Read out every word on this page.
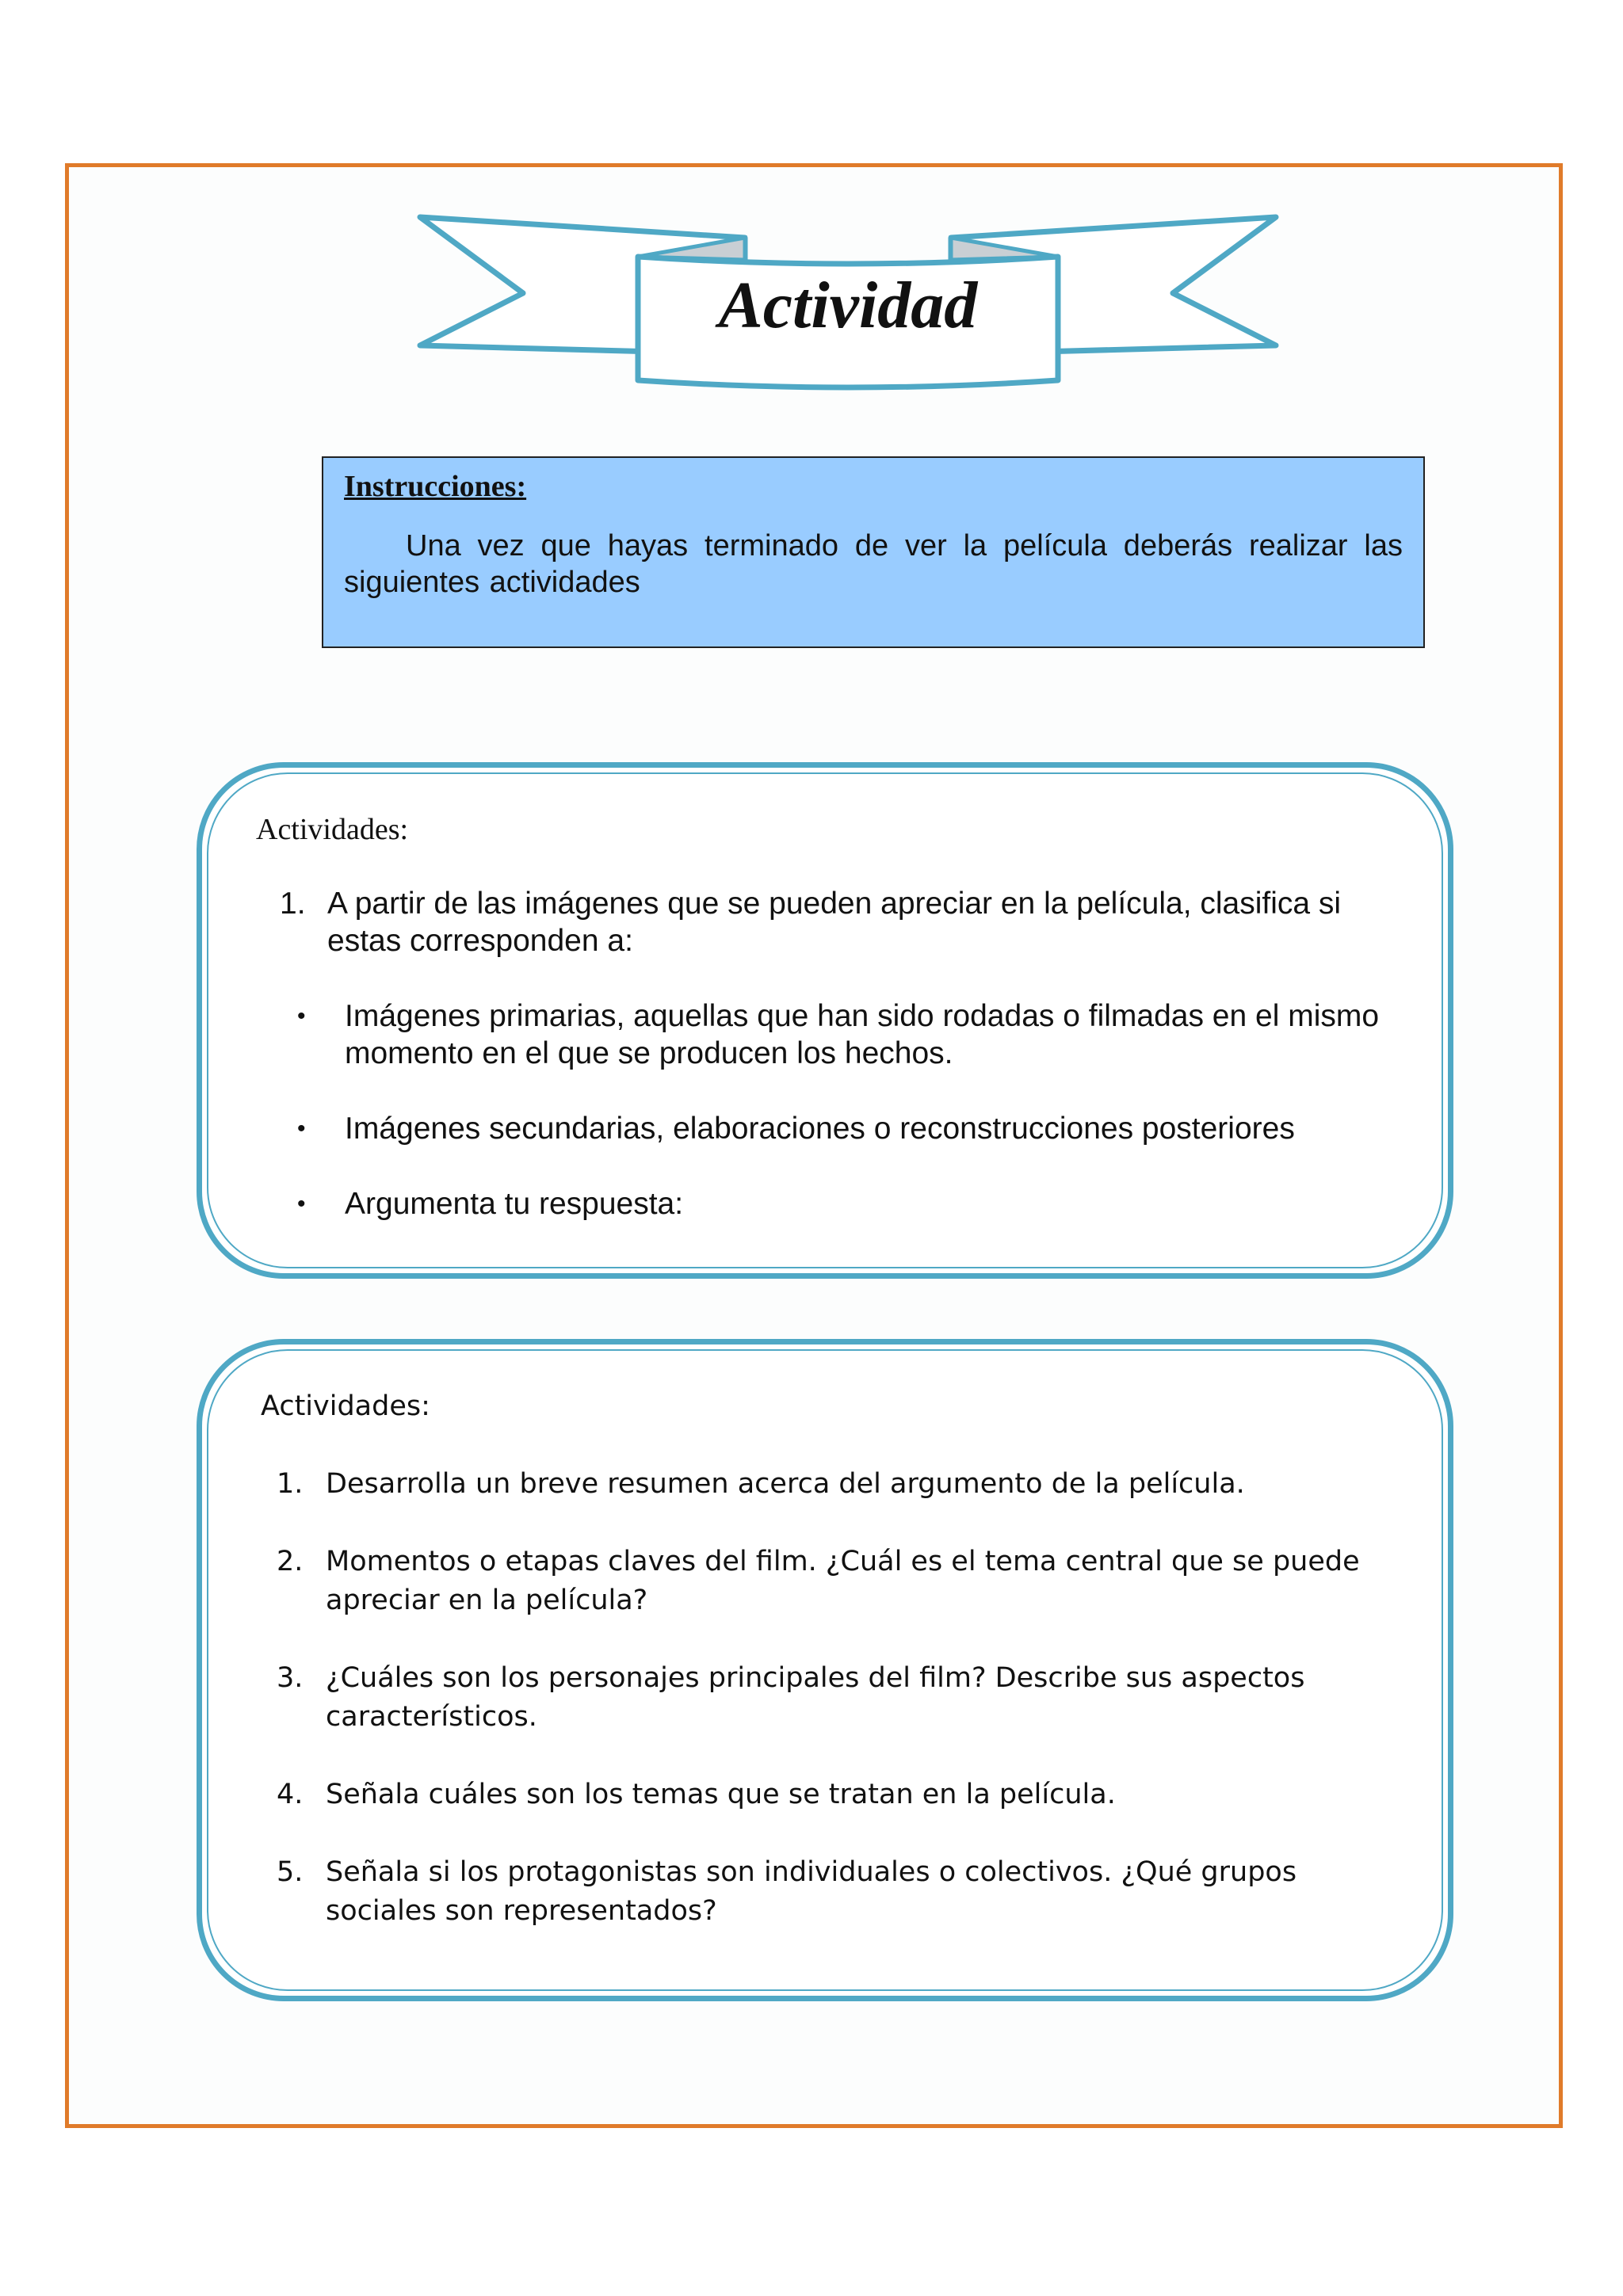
Actividad

Instrucciones:

Una vez que hayas terminado de ver la película deberás realizar las siguientes actividades

Actividades:
1. A partir de las imágenes que se pueden apreciar en la película, clasifica si estas corresponden a:
•	Imágenes primarias, aquellas que han sido rodadas o filmadas en el mismo momento en el que se producen los hechos.
•	Imágenes secundarias, elaboraciones o reconstrucciones posteriores
•	Argumenta tu respuesta:
Actividades:
1. Desarrolla un breve resumen acerca del argumento de la película.
2. Momentos o etapas claves del film. ¿Cuál es el tema central que se puede apreciar en la película?
3. ¿Cuáles son los personajes principales del film? Describe sus aspectos característicos.
4. Señala cuáles son los temas que se tratan en la película.
5. Señala si los protagonistas son individuales o colectivos. ¿Qué grupos sociales son representados?
